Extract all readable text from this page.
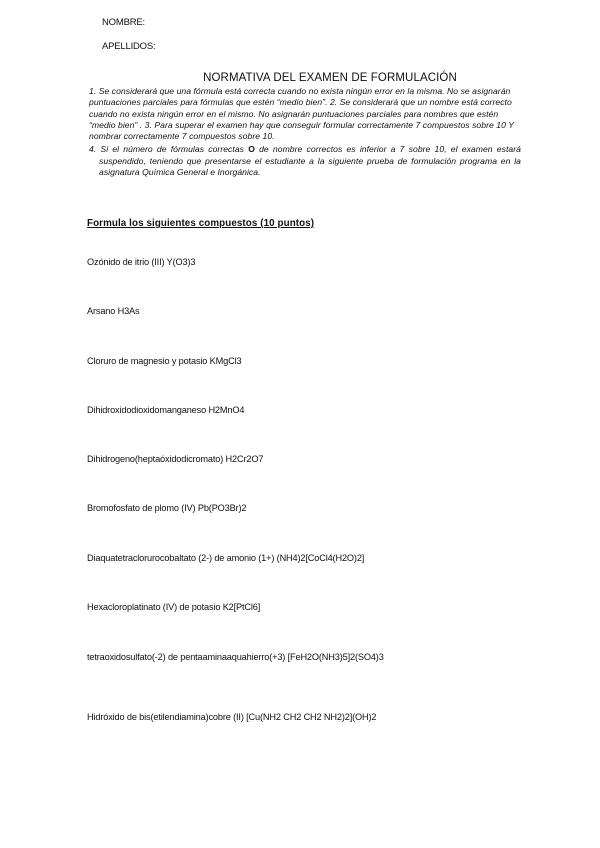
NOMBRE:
APELLIDOS:
NORMATIVA DEL EXAMEN DE FORMULACIÓN

1. Se considerará que una fórmula está correcta cuando no exista ningún error en la misma. No se asignarán puntuaciones parciales para fórmulas que estén “medio bien”. 2. Se considerará que un nombre está correcto cuando no exista ningún error en el mismo. No asignarán puntuaciones parciales para nombres que estén “medio bien” . 3. Para superar el examen hay que conseguir formular correctamente 7 compuestos sobre 10 Y nombrar correctamente 7 compuestos sobre 10.

4. Si el número de fórmulas correctas O de nombre correctos es inferior a 7 sobre 10, el examen estará suspendido, teniendo que presentarse el estudiante a la siguiente prueba de formulación programa en la asignatura Química General e Inorgánica.

Formula los siguientes compuestos (10 puntos)
Ozónido de itrio (III) Y(O3)3
Arsano H3As
Cloruro de magnesio y potasio KMgCl3
Dihidroxidodioxidomanganeso H2MnO4
Dihidrogeno(heptaóxidodicromato) H2Cr2O7
Bromofosfato de plomo (IV) Pb(PO3Br)2
Diaquatetraclorurocobaltato (2-) de amonio (1+) (NH4)2[CoCl4(H2O)2]
Hexacloroplatinato (IV) de potasio K2[PtCl6]
tetraoxidosulfato(-2) de pentaaminaaquahierro(+3) [FeH2O(NH3)5]2(SO4)3
Hidróxido de bis(etilendiamina)cobre (II) [Cu(NH2 CH2 CH2 NH2)2](OH)2
